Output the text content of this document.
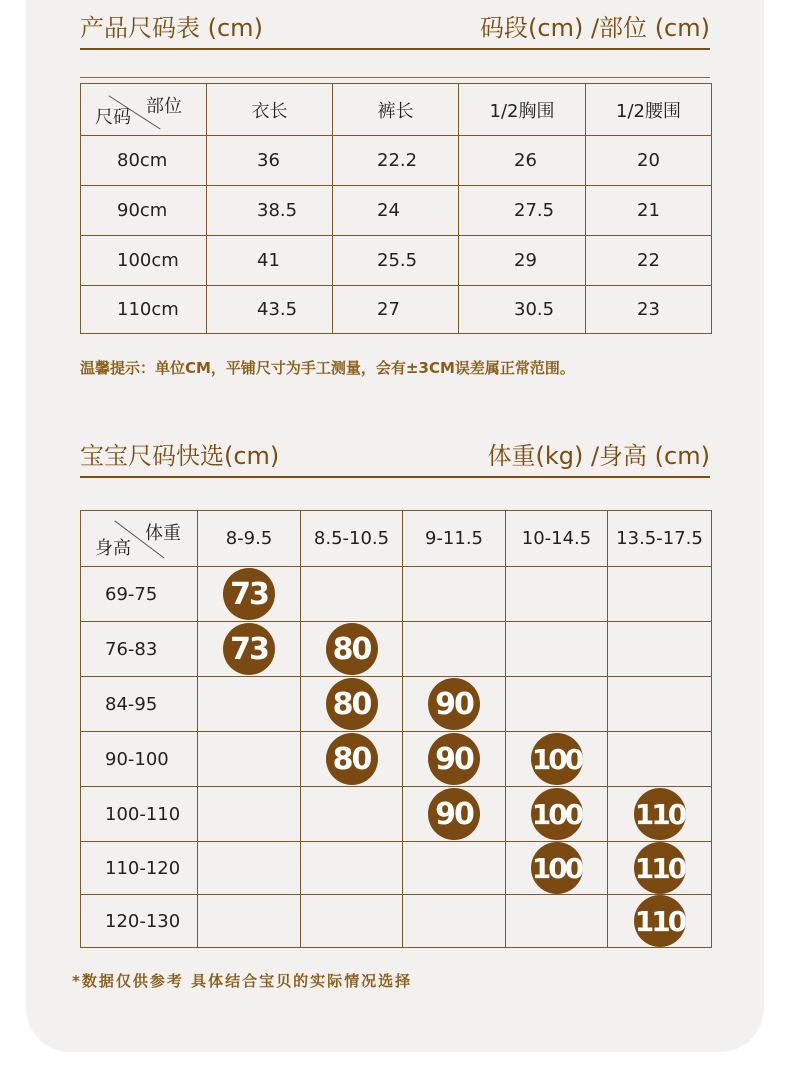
产品尺码表 (cm)	码段(cm) /部位 (cm)
部位
尺码	衣长	裤长	1/2胸围	1/2腰围
80cm	36	22.2	26	20
90cm	38.5	24	27.5	21
100cm	41	25.5	29	22
110cm	43.5	27	30.5	23
温馨提示：单位CM，平铺尺寸为手工测量，会有±3CM误差属正常范围。
宝宝尺码快选(cm)	体重(kg) /身高 (cm)
体重
身高	8-9.5	8.5-10.5	9-11.5	10-14.5	13.5-17.5
69-75	73				
76-83	73	80			
84-95		80	90		
90-100		80	90	100	
100-110			90	100	110
110-120				100	110
120-130					110
*数据仅供参考 具体结合宝贝的实际情况选择
